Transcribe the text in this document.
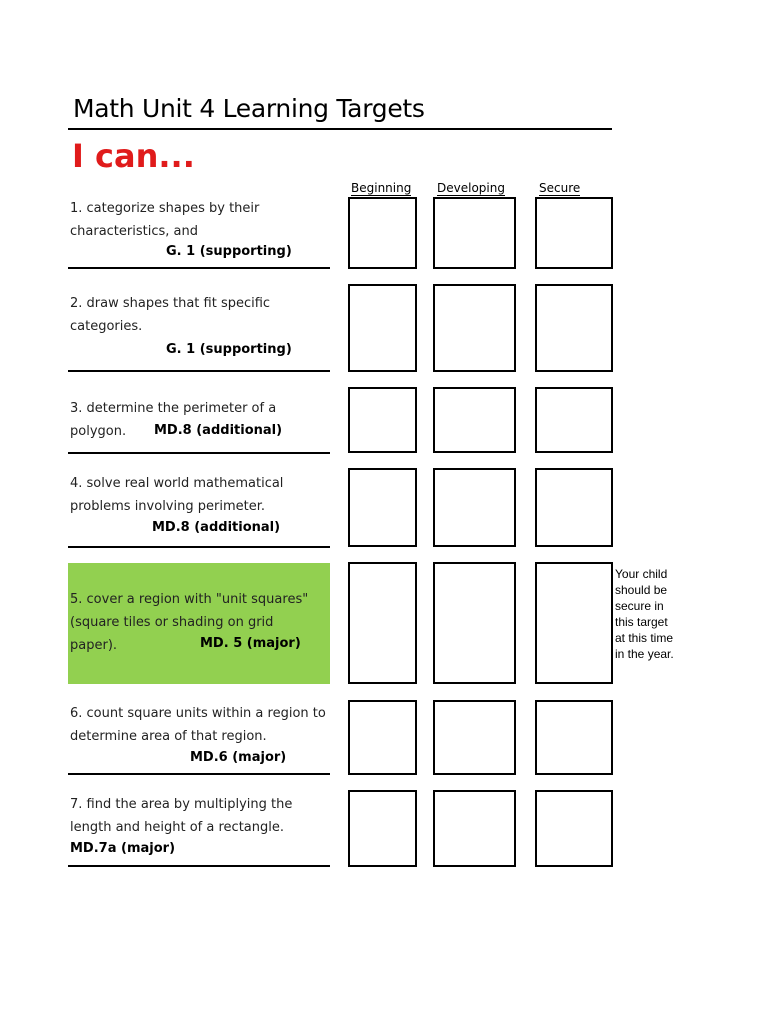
Math Unit 4 Learning Targets
I can...
Beginning Developing	Secure
1. categorize shapes by their characteristics, and
G. 1 (supporting)
2. draw shapes that fit specific categories.
G. 1 (supporting)
3. determine the perimeter of a polygon.	MD.8 (additional)
4. solve real world mathematical problems involving perimeter.
MD.8 (additional)
5. cover a region with "unit squares" (square tiles or shading on grid paper).	MD. 5 (major)
6. count square units within a region to determine area of that region.
MD.6 (major)
7. find the area by multiplying the length and height of a rectangle.
MD.7a (major)
Your child should be secure in this target at this time in the year.
